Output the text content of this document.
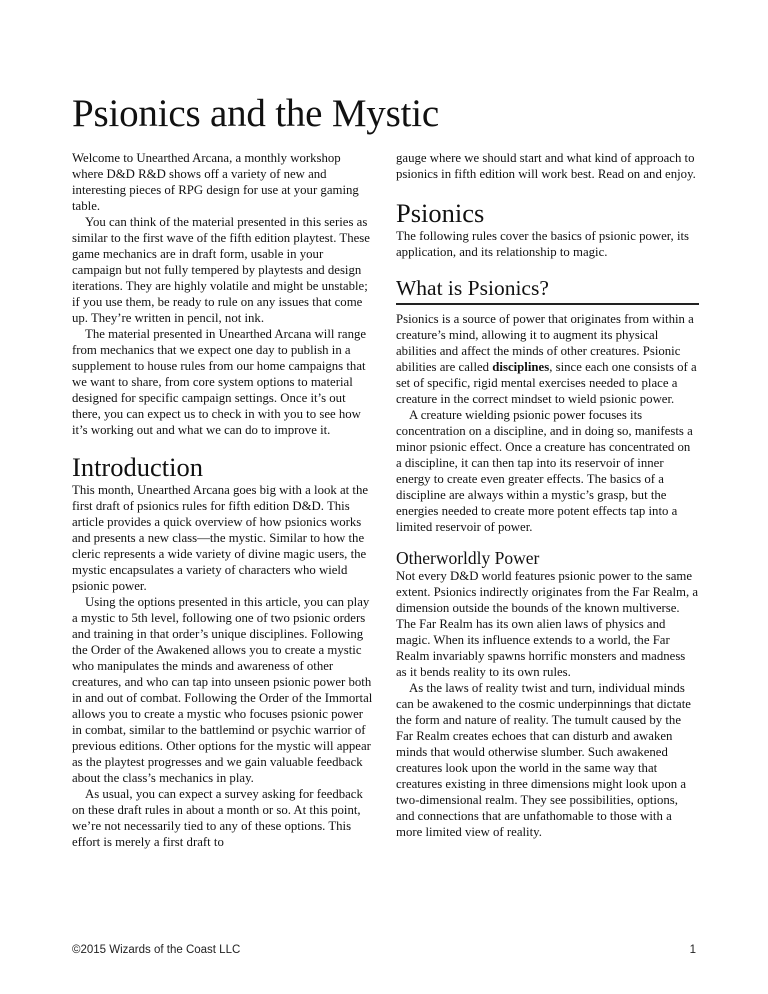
Psionics and the Mystic

Welcome to Unearthed Arcana, a monthly workshop where D&D R&D shows off a variety of new and interesting pieces of RPG design for use at your gaming table.

You can think of the material presented in this series as similar to the first wave of the fifth edition playtest. These game mechanics are in draft form, usable in your campaign but not fully tempered by playtests and design iterations. They are highly volatile and might be unstable; if you use them, be ready to rule on any issues that come up. They’re written in pencil, not ink.

The material presented in Unearthed Arcana will range from mechanics that we expect one day to publish in a supplement to house rules from our home campaigns that we want to share, from core system options to material designed for specific campaign settings. Once it’s out there, you can expect us to check in with you to see how it’s working out and what we can do to improve it.

Introduction

This month, Unearthed Arcana goes big with a look at the first draft of psionics rules for fifth edition D&D. This article provides a quick overview of how psionics works and presents a new class—the mystic. Similar to how the cleric represents a wide variety of divine magic users, the mystic encapsulates a variety of characters who wield psionic power.

Using the options presented in this article, you can play a mystic to 5th level, following one of two psionic orders and training in that order’s unique disciplines. Following the Order of the Awakened allows you to create a mystic who manipulates the minds and awareness of other creatures, and who can tap into unseen psionic power both in and out of combat. Following the Order of the Immortal allows you to create a mystic who focuses psionic power in combat, similar to the battlemind or psychic warrior of previous editions. Other options for the mystic will appear as the playtest progresses and we gain valuable feedback about the class’s mechanics in play.

As usual, you can expect a survey asking for feedback on these draft rules in about a month or so. At this point, we’re not necessarily tied to any of these options. This effort is merely a first draft to

gauge where we should start and what kind of approach to psionics in fifth edition will work best. Read on and enjoy.

Psionics

The following rules cover the basics of psionic power, its application, and its relationship to magic.

What is Psionics?

Psionics is a source of power that originates from within a creature’s mind, allowing it to augment its physical abilities and affect the minds of other creatures. Psionic abilities are called disciplines, since each one consists of a set of specific, rigid mental exercises needed to place a creature in the correct mindset to wield psionic power.

A creature wielding psionic power focuses its concentration on a discipline, and in doing so, manifests a minor psionic effect. Once a creature has concentrated on a discipline, it can then tap into its reservoir of inner energy to create even greater effects. The basics of a discipline are always within a mystic’s grasp, but the energies needed to create more potent effects tap into a limited reservoir of power.

Otherworldly Power

Not every D&D world features psionic power to the same extent. Psionics indirectly originates from the Far Realm, a dimension outside the bounds of the known multiverse. The Far Realm has its own alien laws of physics and magic. When its influence extends to a world, the Far Realm invariably spawns horrific monsters and madness as it bends reality to its own rules.

As the laws of reality twist and turn, individual minds can be awakened to the cosmic underpinnings that dictate the form and nature of reality. The tumult caused by the Far Realm creates echoes that can disturb and awaken minds that would otherwise slumber. Such awakened creatures look upon the world in the same way that creatures existing in three dimensions might look upon a two-dimensional realm. They see possibilities, options, and connections that are unfathomable to those with a more limited view of reality.

©2015 Wizards of the Coast LLC	1
